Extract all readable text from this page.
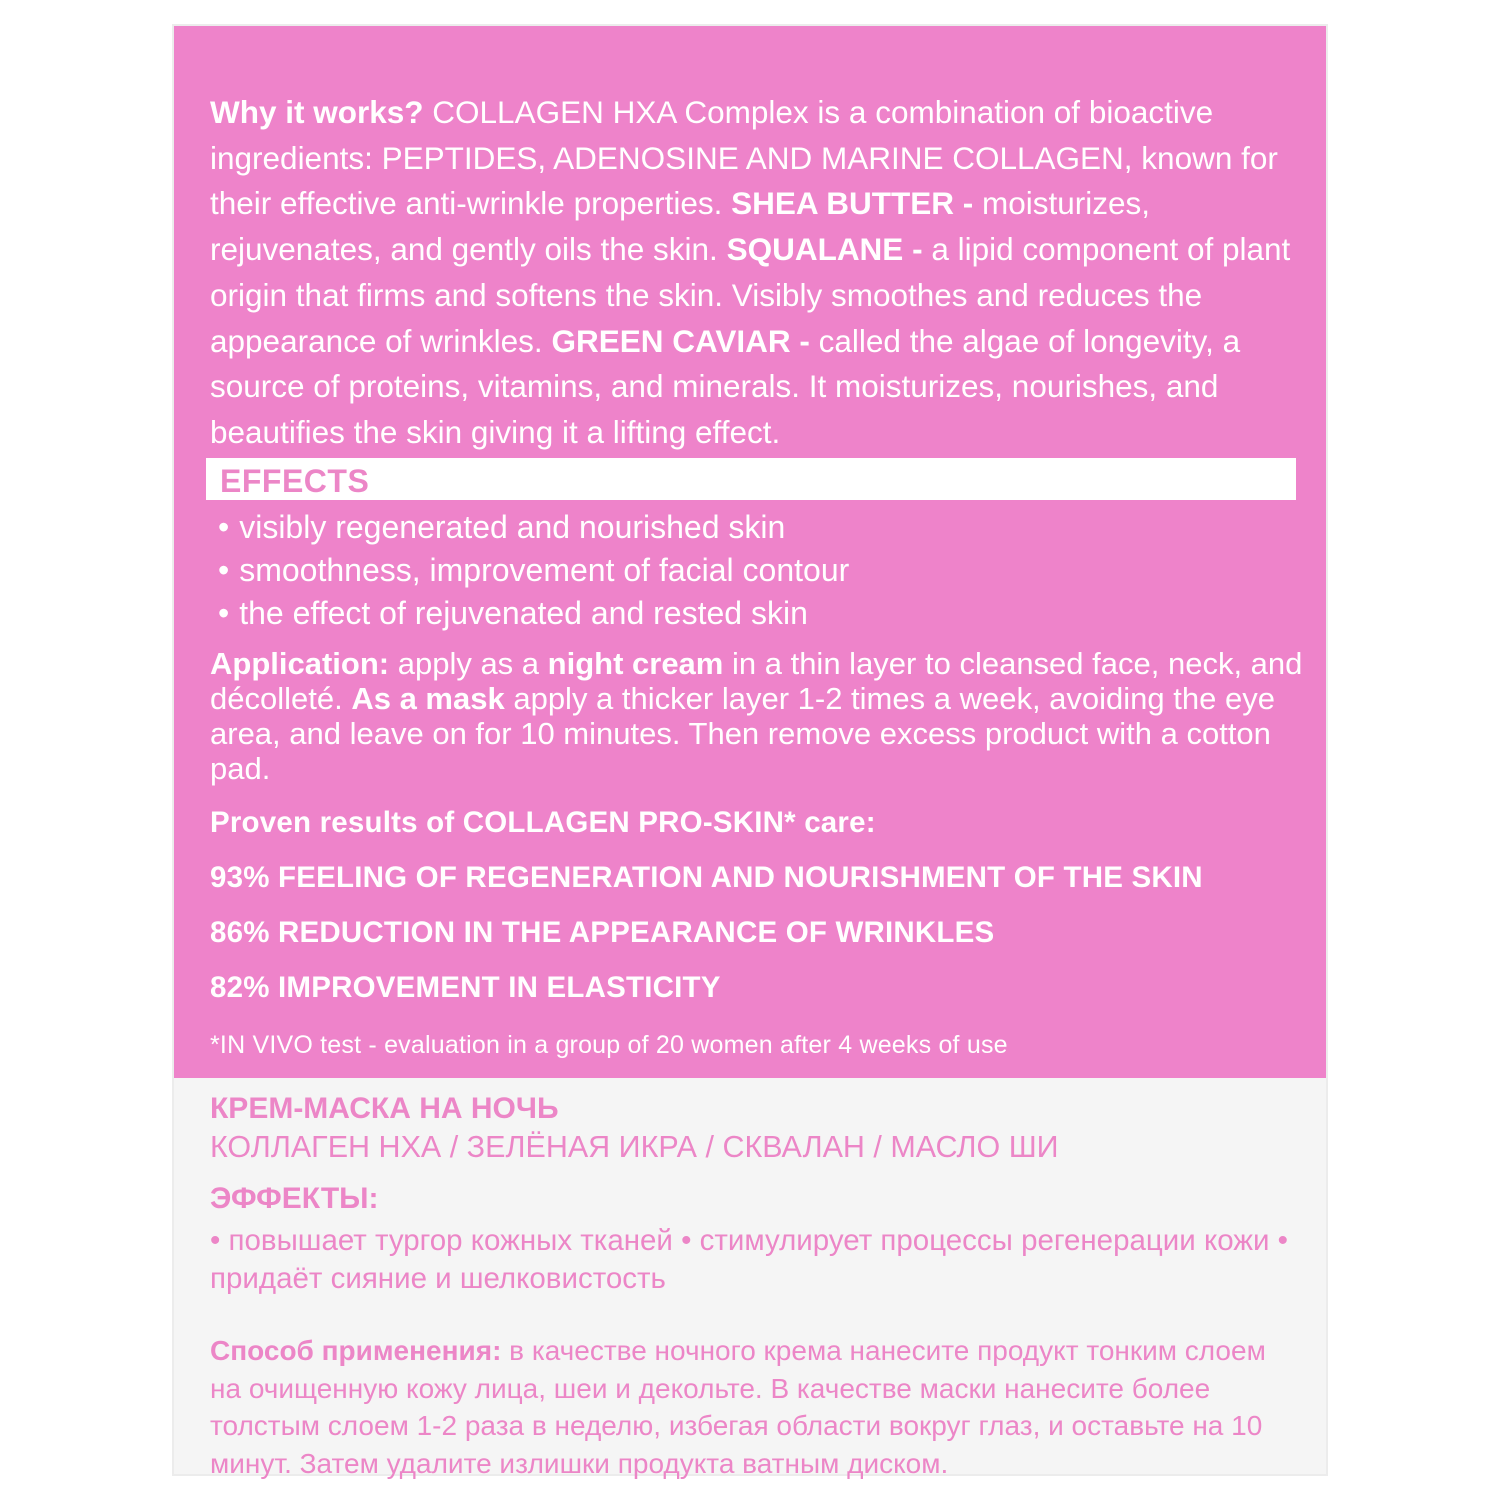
Why it works? COLLAGEN HXA Complex is a combination of bioactive ingredients: PEPTIDES, ADENOSINE AND MARINE COLLAGEN, known for their effective anti-wrinkle properties. SHEA BUTTER - moisturizes, rejuvenates, and gently oils the skin. SQUALANE - a lipid component of plant origin that firms and softens the skin. Visibly smoothes and reduces the appearance of wrinkles. GREEN CAVIAR - called the algae of longevity, a source of proteins, vitamins, and minerals. It moisturizes, nourishes, and beautifies the skin giving it a lifting effect.
EFFECTS
• visibly regenerated and nourished skin
• smoothness, improvement of facial contour
• the effect of rejuvenated and rested skin
Application: apply as a night cream in a thin layer to cleansed face, neck, and décolleté. As a mask apply a thicker layer 1-2 times a week, avoiding the eye area, and leave on for 10 minutes. Then remove excess product with a cotton pad.
Proven results of COLLAGEN PRO-SKIN* care:
93% FEELING OF REGENERATION AND NOURISHMENT OF THE SKIN
86% REDUCTION IN THE APPEARANCE OF WRINKLES
82% IMPROVEMENT IN ELASTICITY
*IN VIVO test - evaluation in a group of 20 women after 4 weeks of use
КРЕМ-МАСКА НА НОЧЬ
КОЛЛАГЕН НХА / ЗЕЛЁНАЯ ИКРА / СКВАЛАН / МАСЛО ШИ
ЭФФЕКТЫ:
• повышает тургор кожных тканей • стимулирует процессы регенерации кожи • придаёт сияние и шелковистость
Способ применения: в качестве ночного крема нанесите продукт тонким слоем на очищенную кожу лица, шеи и декольте. В качестве маски нанесите более толстым слоем 1-2 раза в неделю, избегая области вокруг глаз, и оставьте на 10 минут. Затем удалите излишки продукта ватным диском.
